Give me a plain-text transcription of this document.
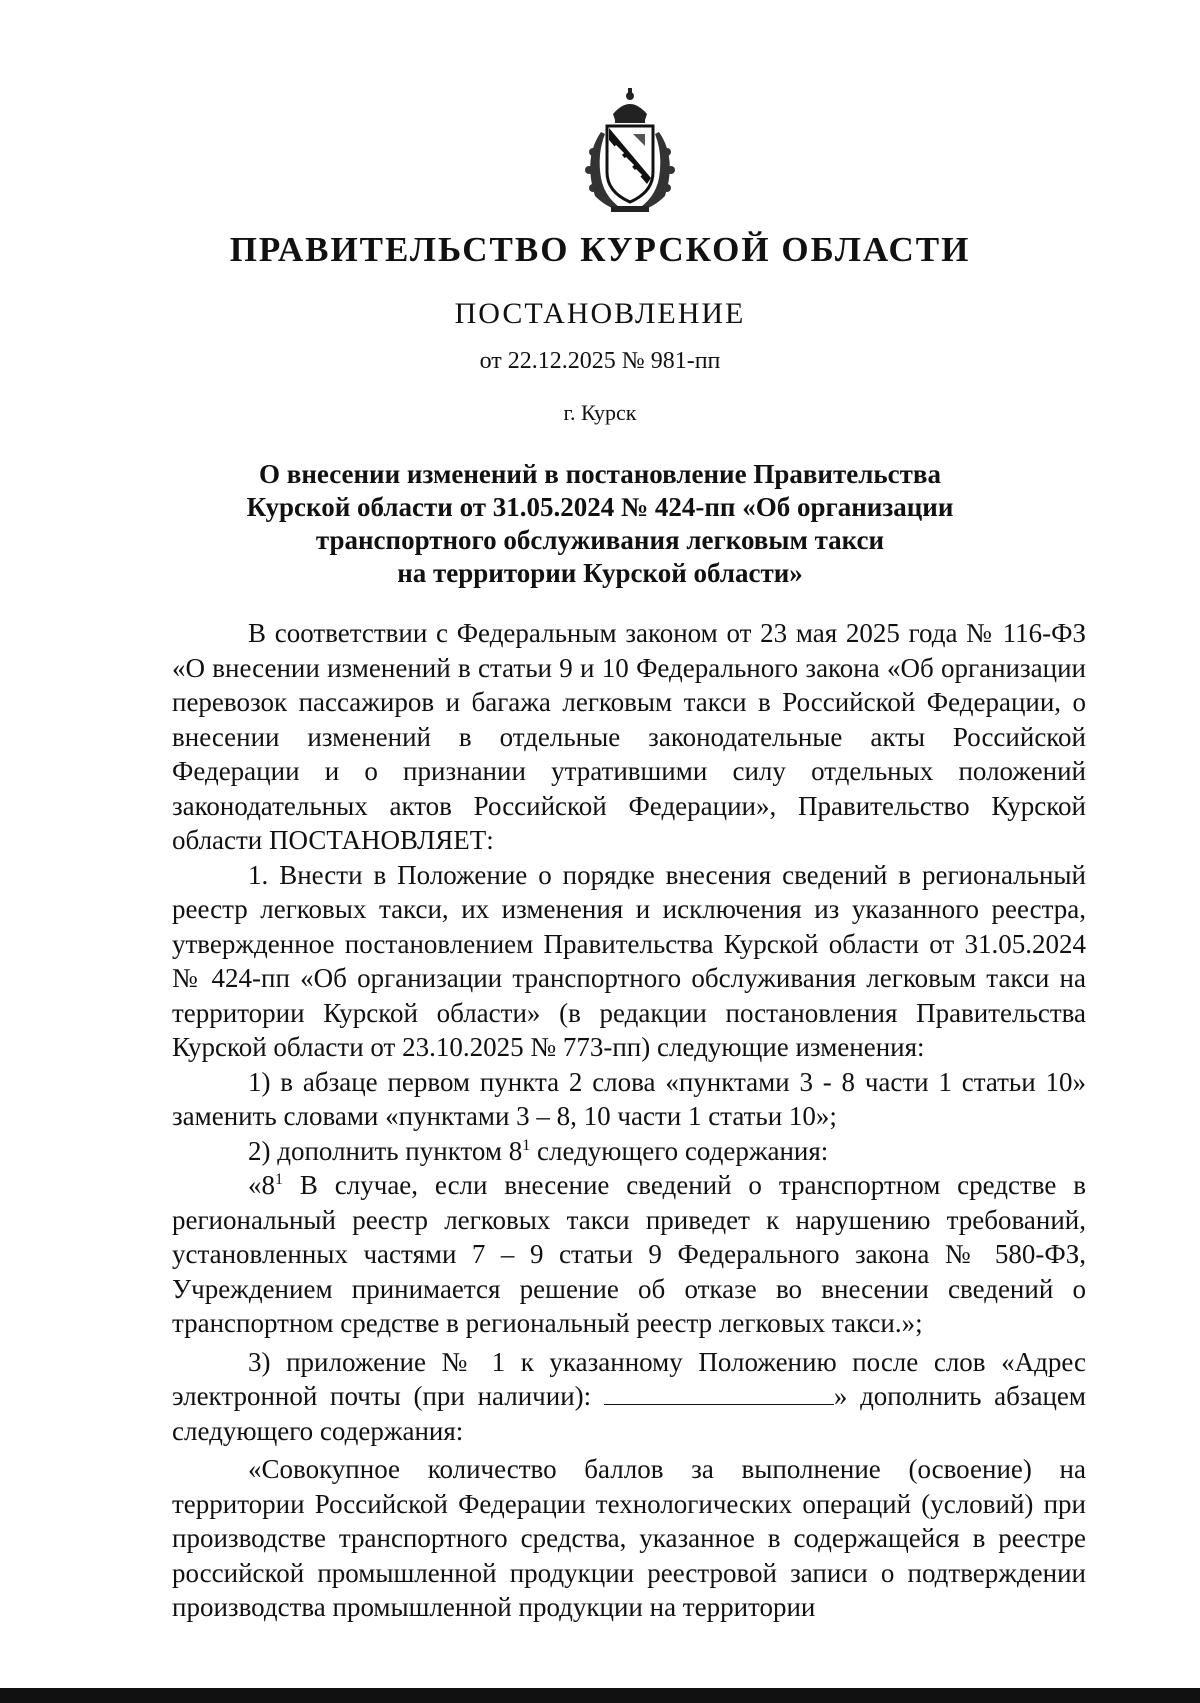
ПРАВИТЕЛЬСТВО КУРСКОЙ ОБЛАСТИ
ПОСТАНОВЛЕНИЕ
от 22.12.2025 № 981-пп
г. Курск
О внесении изменений в постановление Правительства
Курской области от 31.05.2024 № 424-пп «Об организации
транспортного обслуживания легковым такси
на территории Курской области»

В соответствии с Федеральным законом от 23 мая 2025 года № 116-ФЗ «О внесении изменений в статьи 9 и 10 Федерального закона «Об организации перевозок пассажиров и багажа легковым такси в Российской Федерации, о внесении изменений в отдельные законодательные акты Российской Федерации и о признании утратившими силу отдельных положений законодательных актов Российской Федерации», Правительство Курской области ПОСТАНОВЛЯЕТ:

1. Внести в Положение о порядке внесения сведений в региональный реестр легковых такси, их изменения и исключения из указанного реестра, утвержденное постановлением Правительства Курской области от 31.05.2024 № 424-пп «Об организации транспортного обслуживания легковым такси на территории Курской области» (в редакции постановления Правительства Курской области от 23.10.2025 № 773-пп) следующие изменения:

1) в абзаце первом пункта 2 слова «пунктами 3 - 8 части 1 статьи 10» заменить словами «пунктами 3 – 8, 10 части 1 статьи 10»;

2) дополнить пунктом $8^1$ следующего содержания:

«$8^1$ В случае, если внесение сведений о транспортном средстве в региональный реестр легковых такси приведет к нарушению требований, установленных частями 7 – 9 статьи 9 Федерального закона № 580-ФЗ, Учреждением принимается решение об отказе во внесении сведений о транспортном средстве в региональный реестр легковых такси.»;

3) приложение № 1 к указанному Положению после слов «Адрес электронной почты (при наличии):	» дополнить абзацем следующего содержания:

«Совокупное количество баллов за выполнение (освоение) на территории Российской Федерации технологических операций (условий) при производстве транспортного средства, указанное в содержащейся в реестре российской промышленной продукции реестровой записи о подтверждении производства промышленной продукции на территории
